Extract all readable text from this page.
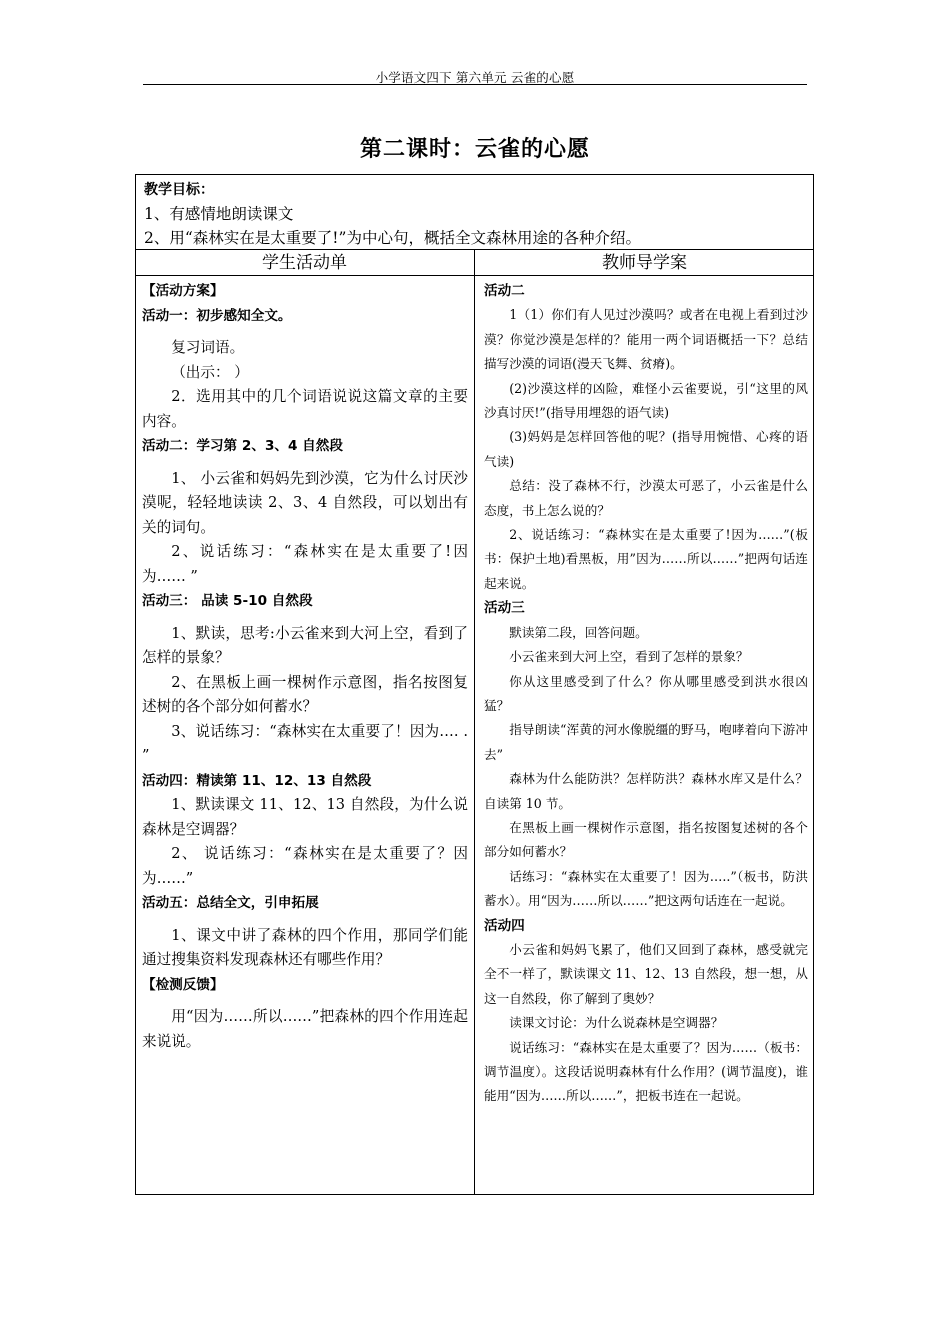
小学语文四下 第六单元 云雀的心愿
第二课时：云雀的心愿
教学目标：
1、有感情地朗读课文
2、用“森林实在是太重要了!”为中心句，概括全文森林用途的各种介绍。
学生活动单	教师导学案
【活动方案】
活动一：初步感知全文。
复习词语。
（出示： ）
2．选用其中的几个词语说说这篇文章的主要内容。
活动二：学习第 2、3、4 自然段
1、 小云雀和妈妈先到沙漠，它为什么讨厌沙漠呢，轻轻地读读 2、3、4 自然段，可以划出有关的词句。
2、说话练习：“森林实在是太重要了!因为…… ”
活动三： 品读 5-10 自然段
1、默读，思考:小云雀来到大河上空，看到了怎样的景象？
2、在黑板上画一棵树作示意图，指名按图复述树的各个部分如何蓄水？
3、说话练习：“森林实在太重要了！因为…. . ”
活动四：精读第 11、12、13 自然段
1、默读课文 11、12、13 自然段，为什么说森林是空调器？
2、 说话练习：“森林实在是太重要了？因为……”
活动五：总结全文，引申拓展
1、课文中讲了森林的四个作用，那同学们能通过搜集资料发现森林还有哪些作用？
【检测反馈】
用“因为……所以……”把森林的四个作用连起来说说。
活动二
1（1）你们有人见过沙漠吗？或者在电视上看到过沙漠？你觉沙漠是怎样的？能用一两个词语概括一下？总结描写沙漠的词语(漫天飞舞、贫瘠)。
(2)沙漠这样的凶险，难怪小云雀要说，引“这里的风沙真讨厌!”(指导用埋怨的语气读)
(3)妈妈是怎样回答他的呢？(指导用惋惜、心疼的语气读)
总结：没了森林不行，沙漠太可恶了，小云雀是什么态度，书上怎么说的？
2、说话练习：“森林实在是太重要了!因为……”(板书：保护土地)看黑板，用”因为……所以……”把两句话连起来说。
活动三
默读第二段，回答问题。
小云雀来到大河上空，看到了怎样的景象？
你从这里感受到了什么？你从哪里感受到洪水很凶猛？
指导朗读“浑黄的河水像脱缰的野马，咆哮着向下游冲去”
森林为什么能防洪？怎样防洪？森林水库又是什么？自读第 10 节。
在黑板上画一棵树作示意图，指名按图复述树的各个部分如何蓄水？
话练习：“森林实在太重要了！因为…..”（板书，防洪蓄水）。用“因为……所以……”把这两句话连在一起说。
活动四
小云雀和妈妈飞累了，他们又回到了森林，感受就完全不一样了，默读课文 11、12、13 自然段，想一想，从这一自然段，你了解到了奥妙？
读课文讨论：为什么说森林是空调器？
说话练习：“森林实在是太重要了？因为……（板书：调节温度）。这段话说明森林有什么作用？(调节温度)，谁能用“因为……所以……”，把板书连在一起说。
